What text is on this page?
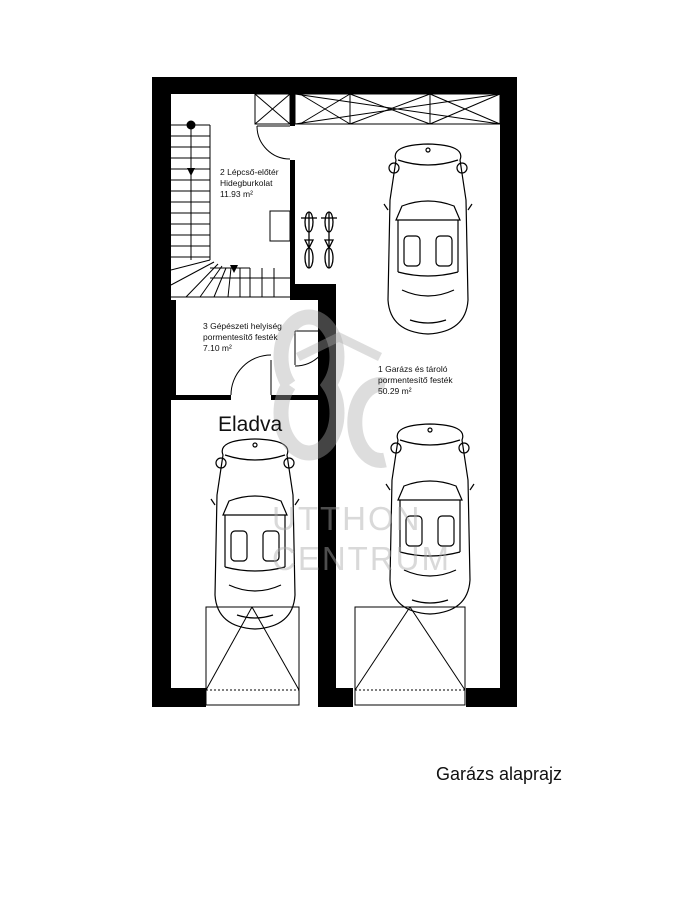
2 Lépcső-előtér
Hidegburkolat
11.93 m²
3 Gépészeti helyiség
pormentesítő festék
7.10 m²
1 Garázs és tároló
pormentesítő festék
50.29 m²
UTTHON
CENTRUM
Eladva
Garázs alaprajz
